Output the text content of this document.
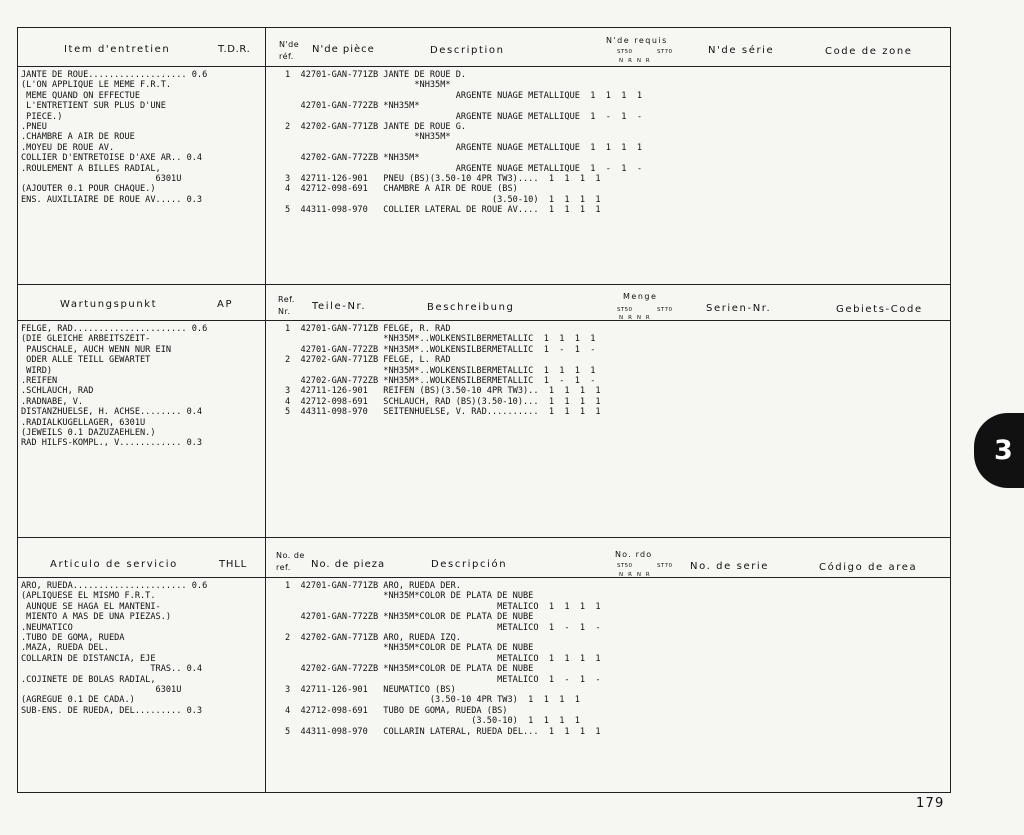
Item d'entretien	T.D.R.	N'de
réf.
N'de pièce	Description
N'de requis
ST50	ST70
N R N R
N'de série	Code de zone
JANTE DE ROUE................... 0.6
(L'ON APPLIQUE LE MEME F.R.T.
MEME QUAND ON EFFECTUE
L'ENTRETIENT SUR PLUS D'UNE
PIECE.)
.PNEU
.CHAMBRE A AIR DE ROUE
.MOYEU DE ROUE AV.
COLLIER D'ENTRETOISE D'AXE AR.. 0.4
.ROULEMENT A BILLES RADIAL,
6301U
(AJOUTER 0.1 POUR CHAQUE.)
ENS. AUXILIAIRE DE ROUE AV..... 0.3
1  42701-GAN-771ZB JANTE DE ROUE D.
*NH35M*
ARGENTE NUAGE METALLIQUE  1  1  1  1
42701-GAN-772ZB *NH35M*
ARGENTE NUAGE METALLIQUE  1  -  1  -
2  42702-GAN-771ZB JANTE DE ROUE G.
*NH35M*
ARGENTE NUAGE METALLIQUE  1  1  1  1
42702-GAN-772ZB *NH35M*
ARGENTE NUAGE METALLIQUE  1  -  1  -
3  42711-126-901   PNEU (BS)(3.50-10 4PR TW3)....  1  1  1  1
4  42712-098-691   CHAMBRE A AIR DE ROUE (BS)
(3.50-10)  1  1  1  1
5  44311-098-970   COLLIER LATERAL DE ROUE AV....  1  1  1  1
Wartungspunkt	AP	Ref.
Nr. Teile-Nr.	Beschreibung
Menge
ST50	ST70
N R N R
Serien-Nr.	Gebiets-Code
FELGE, RAD...................... 0.6
(DIE GLEICHE ARBEITSZEIT-
PAUSCHALE, AUCH WENN NUR EIN
ODER ALLE TEILL GEWARTET
WIRD)
.REIFEN
.SCHLAUCH, RAD
.RADNABE, V.
DISTANZHUELSE, H. ACHSE........ 0.4
.RADIALKUGELLAGER, 6301U
(JEWEILS 0.1 DAZUZAEHLEN.)
RAD HILFS-KOMPL., V............ 0.3
1  42701-GAN-771ZB FELGE, R. RAD
*NH35M*..WOLKENSILBERMETALLIC  1  1  1  1
42701-GAN-772ZB *NH35M*..WOLKENSILBERMETALLIC  1  -  1  -
2  42702-GAN-771ZB FELGE, L. RAD
*NH35M*..WOLKENSILBERMETALLIC  1  1  1  1
42702-GAN-772ZB *NH35M*..WOLKENSILBERMETALLIC  1  -  1  -
3  42711-126-901   REIFEN (BS)(3.50-10 4PR TW3)..  1  1  1  1
4  42712-098-691   SCHLAUCH, RAD (BS)(3.50-10)...  1  1  1  1
5  44311-098-970   SEITENHUELSE, V. RAD..........  1  1  1  1
Articulo de servicio	THLL
No. de
ref. No. de pieza	Descripción
No. rdo
ST50	ST70
N R N R
No. de serie	Código de area
ARO, RUEDA...................... 0.6
(APLIQUESE EL MISMO F.R.T.
AUNQUE SE HAGA EL MANTENI-
MIENTO A MAS DE UNA PIEZAS.)
.NEUMATICO
.TUBO DE GOMA, RUEDA
.MAZA, RUEDA DEL.
COLLARIN DE DISTANCIA, EJE
TRAS.. 0.4
.COJINETE DE BOLAS RADIAL,
6301U
(AGREGUE 0.1 DE CADA.)
SUB-ENS. DE RUEDA, DEL......... 0.3
1  42701-GAN-771ZB ARO, RUEDA DER.
*NH35M*COLOR DE PLATA DE NUBE
METALICO  1  1  1  1
42701-GAN-772ZB *NH35M*COLOR DE PLATA DE NUBE
METALICO  1  -  1  -
2  42702-GAN-771ZB ARO, RUEDA IZQ.
*NH35M*COLOR DE PLATA DE NUBE
METALICO  1  1  1  1
42702-GAN-772ZB *NH35M*COLOR DE PLATA DE NUBE
METALICO  1  -  1  -
3  42711-126-901   NEUMATICO (BS)
(3.50-10 4PR TW3)  1  1  1  1
4  42712-098-691   TUBO DE GOMA, RUEDA (BS)
(3.50-10)  1  1  1  1
5  44311-098-970   COLLARIN LATERAL, RUEDA DEL...  1  1  1  1
3
179
